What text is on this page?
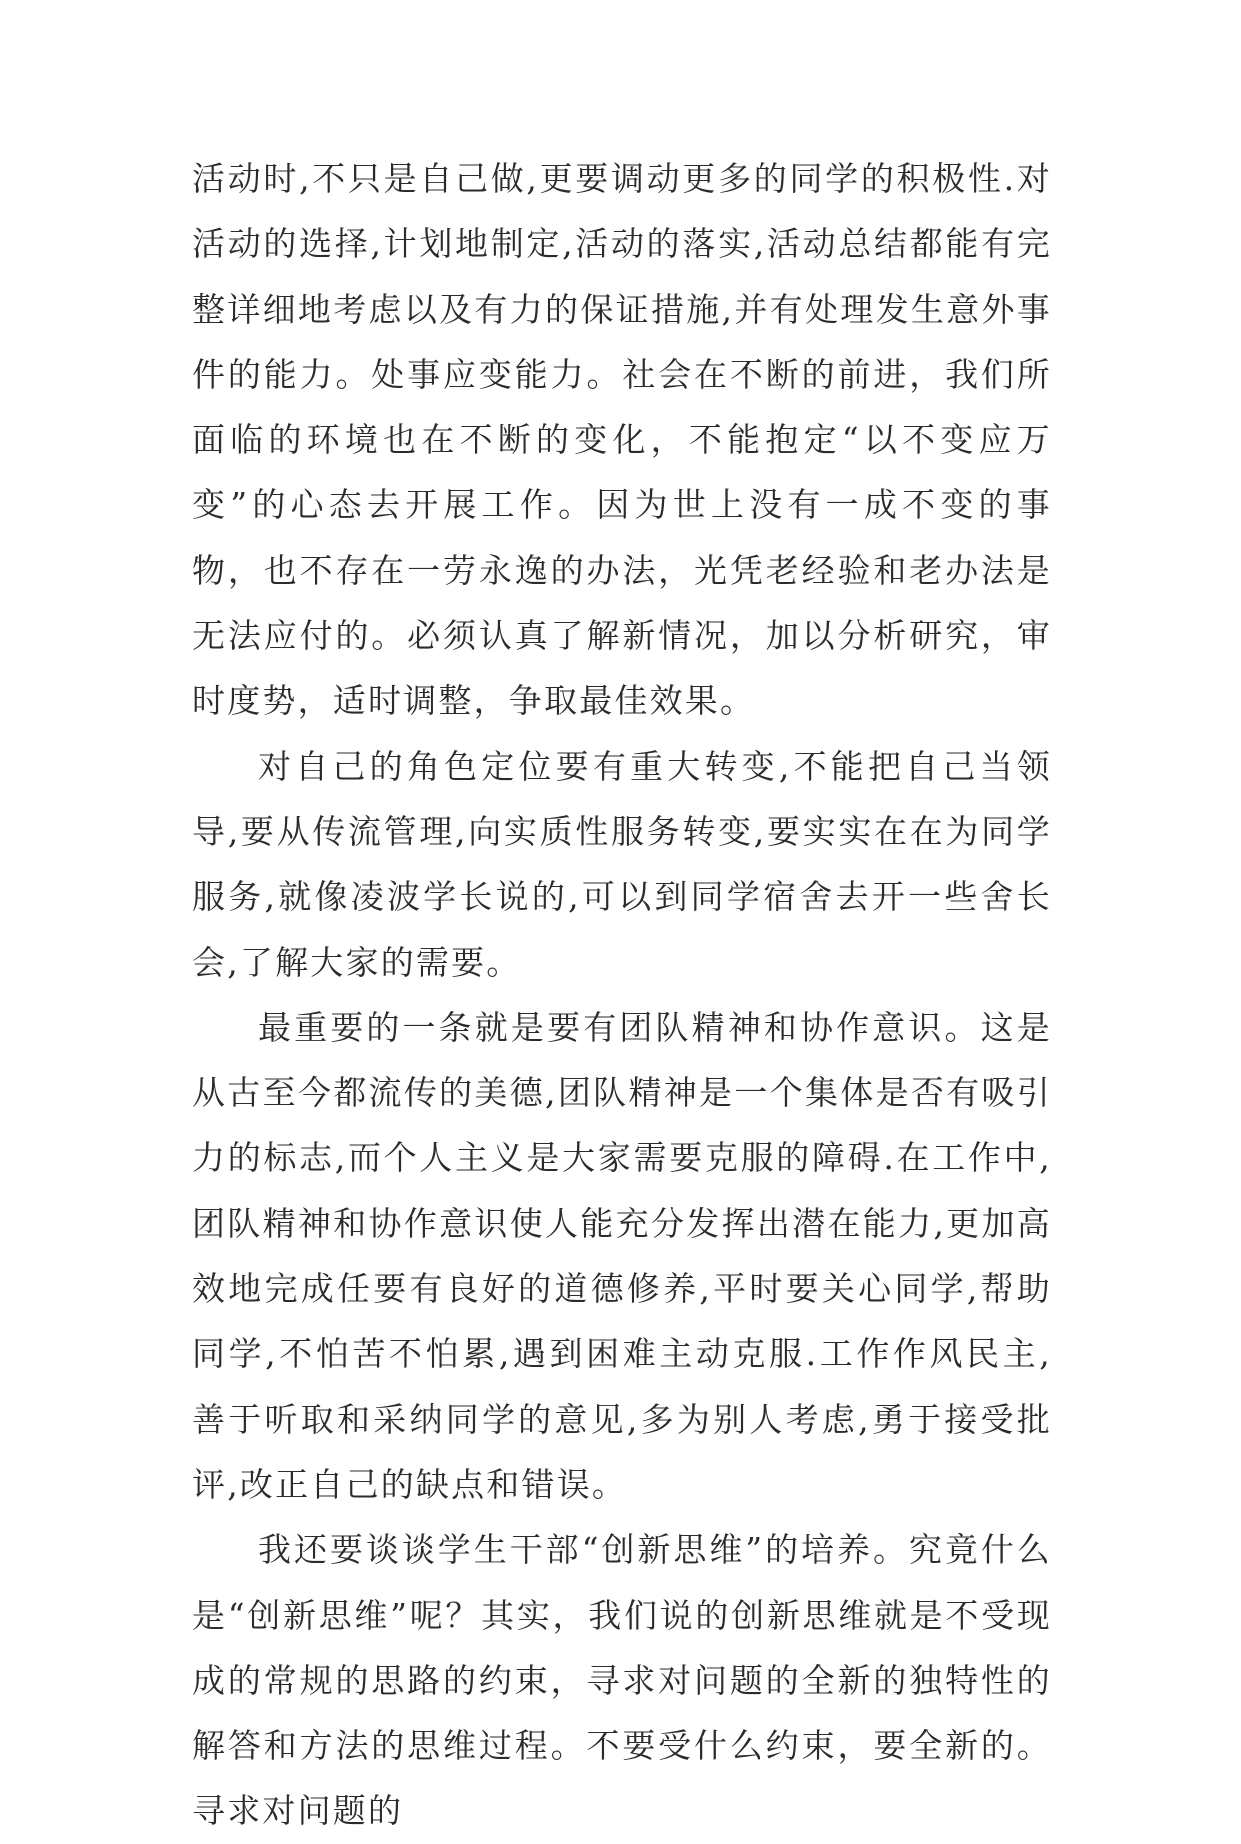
活动时,不只是自己做,更要调动更多的同学的积极性.对活动的选择,计划地制定,活动的落实,活动总结都能有完整详细地考虑以及有力的保证措施,并有处理发生意外事件的能力。处事应变能力。社会在不断的前进，我们所面临的环境也在不断的变化，不能抱定“以不变应万变”的心态去开展工作。因为世上没有一成不变的事物，也不存在一劳永逸的办法，光凭老经验和老办法是无法应付的。必须认真了解新情况，加以分析研究，审时度势，适时调整，争取最佳效果。

对自己的角色定位要有重大转变,不能把自己当领导,要从传流管理,向实质性服务转变,要实实在在为同学服务,就像凌波学长说的,可以到同学宿舍去开一些舍长会,了解大家的需要。

最重要的一条就是要有团队精神和协作意识。这是从古至今都流传的美德,团队精神是一个集体是否有吸引力的标志,而个人主义是大家需要克服的障碍.在工作中,团队精神和协作意识使人能充分发挥出潜在能力,更加高效地完成任要有良好的道德修养,平时要关心同学,帮助同学,不怕苦不怕累,遇到困难主动克服.工作作风民主,善于听取和采纳同学的意见,多为别人考虑,勇于接受批评,改正自己的缺点和错误。

我还要谈谈学生干部“创新思维”的培养。究竟什么是“创新思维”呢？其实，我们说的创新思维就是不受现成的常规的思路的约束，寻求对问题的全新的独特性的解答和方法的思维过程。不要受什么约束，要全新的。寻求对问题的
